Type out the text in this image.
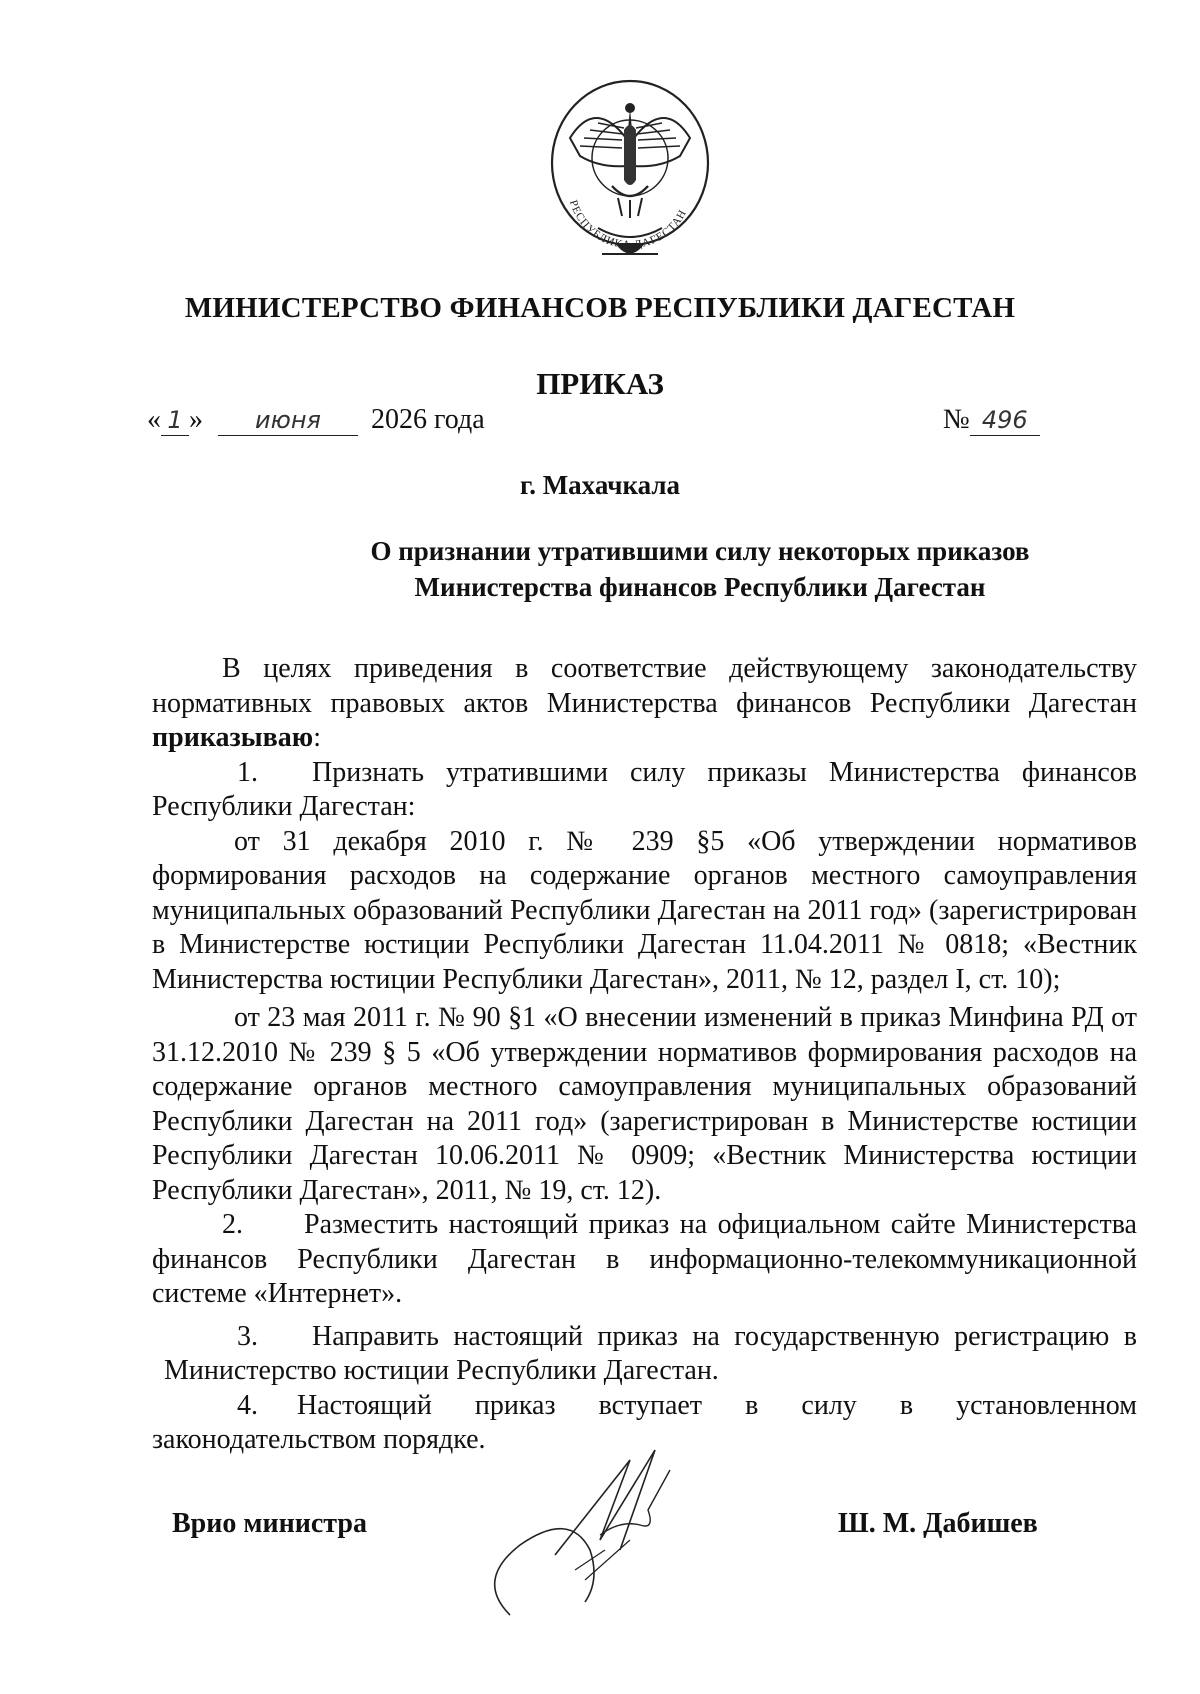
РЕСПУБЛИКА ДАГЕСТАН
МИНИСТЕРСТВО ФИНАНСОВ РЕСПУБЛИКИ ДАГЕСТАН
ПРИКАЗ
« 1 » июня 2026 года	№ 496
г. Махачкала
О признании утратившими силу некоторых приказов
Министерства финансов Республики Дагестан

В целях приведения в соответствие действующему законодательству нормативных правовых актов Министерства финансов Республики Дагестан приказываю:

1. Признать утратившими силу приказы Министерства финансов Республики Дагестан:

от 31 декабря 2010 г. № 239 §5 «Об утверждении нормативов формирования расходов на содержание органов местного самоуправления муниципальных образований Республики Дагестан на 2011 год» (зарегистрирован в Министерстве юстиции Республики Дагестан 11.04.2011 № 0818; «Вестник Министерства юстиции Республики Дагестан», 2011, № 12, раздел I, ст. 10);

от 23 мая 2011 г. № 90 §1 «О внесении изменений в приказ Минфина РД от 31.12.2010 № 239 § 5 «Об утверждении нормативов формирования расходов на содержание органов местного самоуправления муниципальных образований Республики Дагестан на 2011 год» (зарегистрирован в Министерстве юстиции Республики Дагестан 10.06.2011 № 0909; «Вестник Министерства юстиции Республики Дагестан», 2011, № 19, ст. 12).

2. Разместить настоящий приказ на официальном сайте Министерства финансов Республики Дагестан в информационно-телекоммуникационной системе «Интернет».

3. Направить настоящий приказ на государственную регистрацию в Министерство юстиции Республики Дагестан.

4. Настоящий приказ вступает в силу в установленном законодательством порядке.

Врио министра	Ш. М. Дабишев
